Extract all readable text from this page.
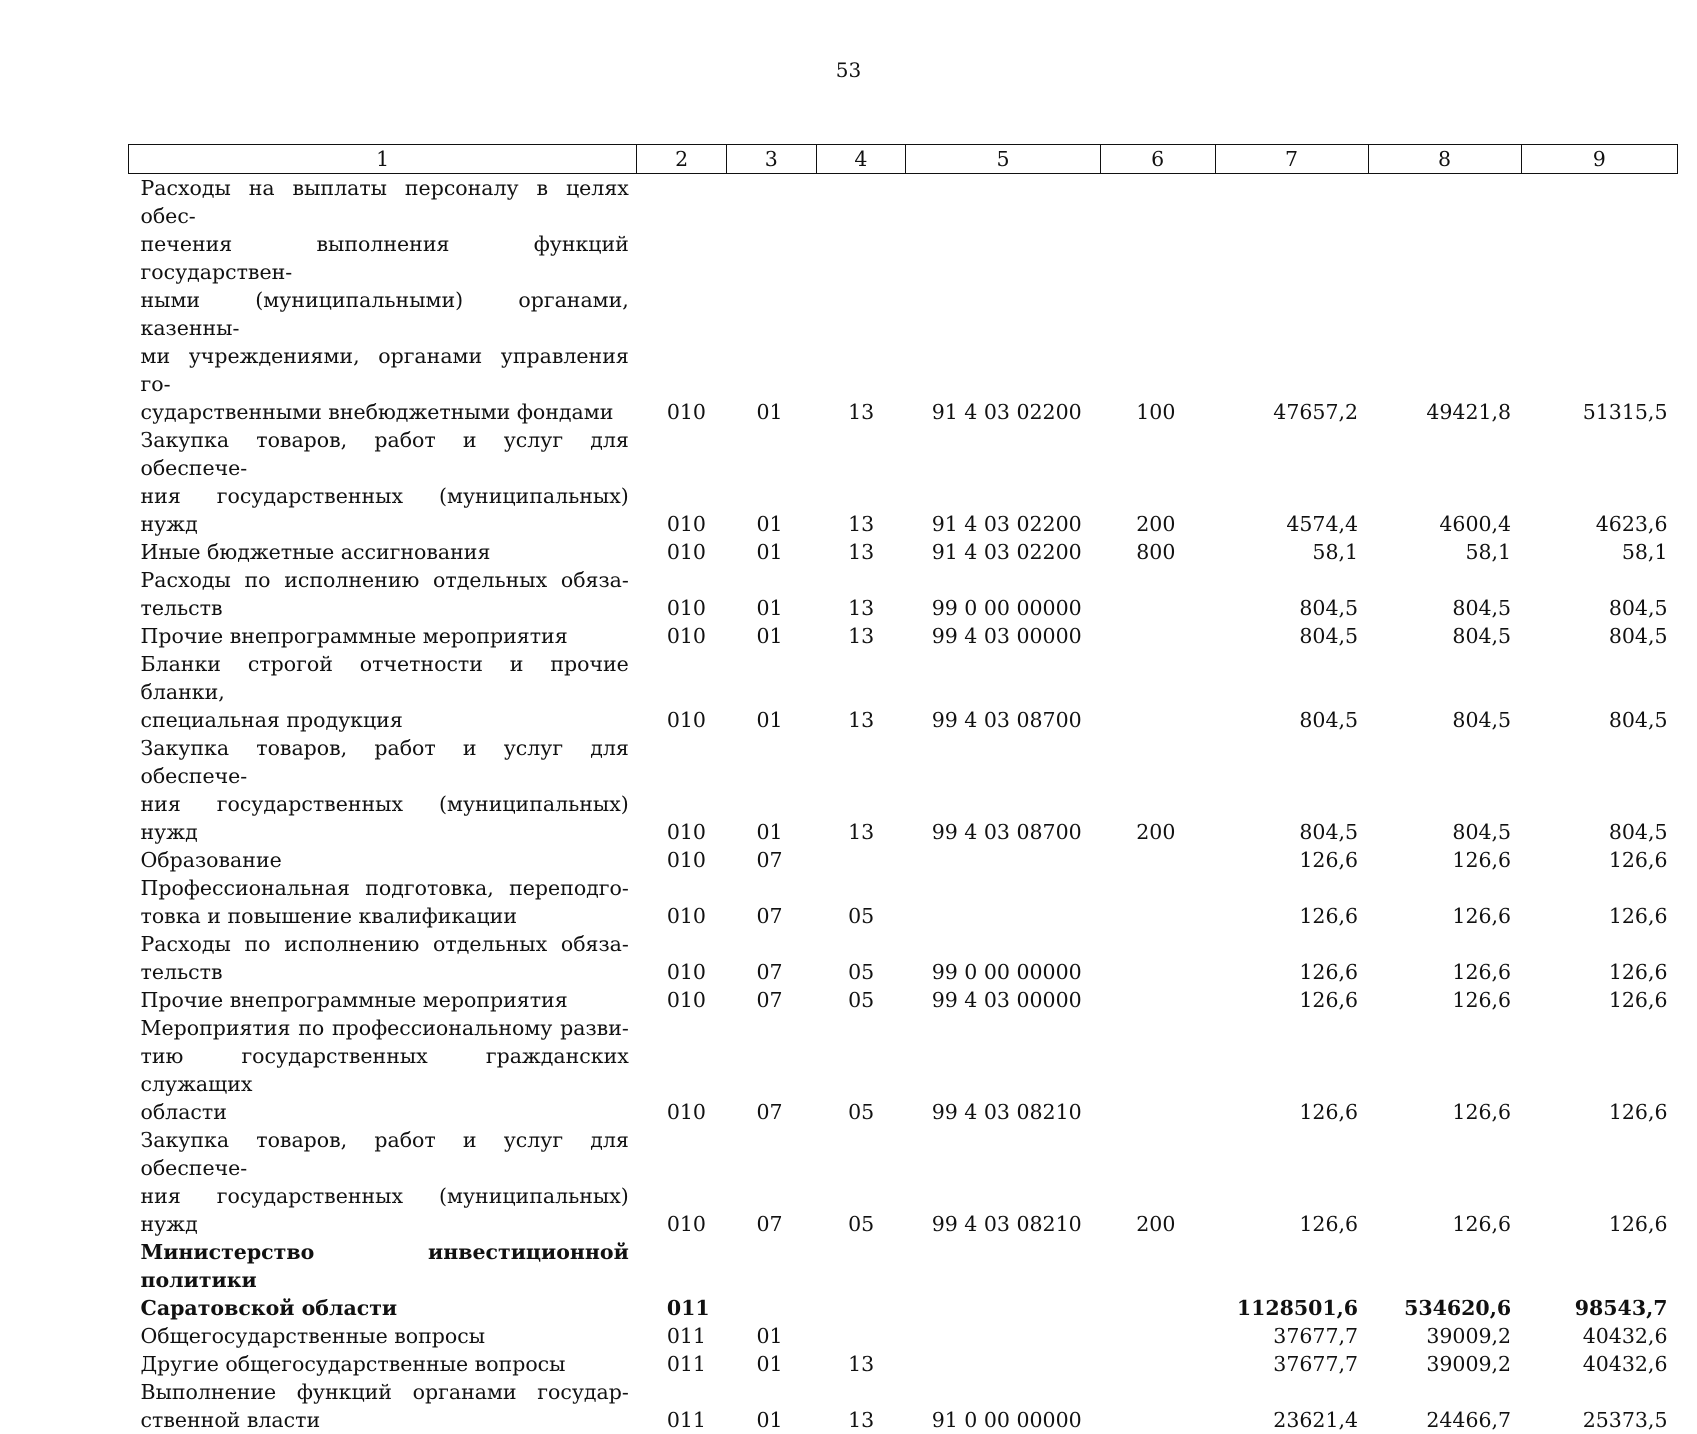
53
1	2	3	4	5	6	7	8	9

Расходы на выплаты персоналу в целях обес-
печения выполнения функций государствен-
ными (муниципальными) органами, казенны-
ми учреждениями, органами управления го-
сударственными внебюджетными фондами	010	01	13	91 4 03 02200	100	47657,2	49421,8	51315,5

Закупка товаров, работ и услуг для обеспече-
ния государственных (муниципальных) нужд	010	01	13	91 4 03 02200	200	4574,4	4600,4	4623,6

Иные бюджетные ассигнования	010	01	13	91 4 03 02200	800	58,1	58,1	58,1

Расходы по исполнению отдельных обяза-
тельств	010	01	13	99 0 00 00000		804,5	804,5	804,5

Прочие внепрограммные мероприятия	010	01	13	99 4 03 00000		804,5	804,5	804,5

Бланки строгой отчетности и прочие бланки,
специальная продукция	010	01	13	99 4 03 08700		804,5	804,5	804,5

Закупка товаров, работ и услуг для обеспече-
ния государственных (муниципальных) нужд	010	01	13	99 4 03 08700	200	804,5	804,5	804,5

Образование	010	07				126,6	126,6	126,6

Профессиональная подготовка, переподго-
товка и повышение квалификации	010	07	05			126,6	126,6	126,6

Расходы по исполнению отдельных обяза-
тельств	010	07	05	99 0 00 00000		126,6	126,6	126,6

Прочие внепрограммные мероприятия	010	07	05	99 4 03 00000		126,6	126,6	126,6

Мероприятия по профессиональному разви-
тию государственных гражданских служащих
области	010	07	05	99 4 03 08210		126,6	126,6	126,6

Закупка товаров, работ и услуг для обеспече-
ния государственных (муниципальных) нужд	010	07	05	99 4 03 08210	200	126,6	126,6	126,6

Министерство инвестиционной политики
Саратовской области	011					1128501,6	534620,6	98543,7

Общегосударственные вопросы	011	01				37677,7	39009,2	40432,6

Другие общегосударственные вопросы	011	01	13			37677,7	39009,2	40432,6

Выполнение функций органами государ-
ственной власти	011	01	13	91 0 00 00000		23621,4	24466,7	25373,5
